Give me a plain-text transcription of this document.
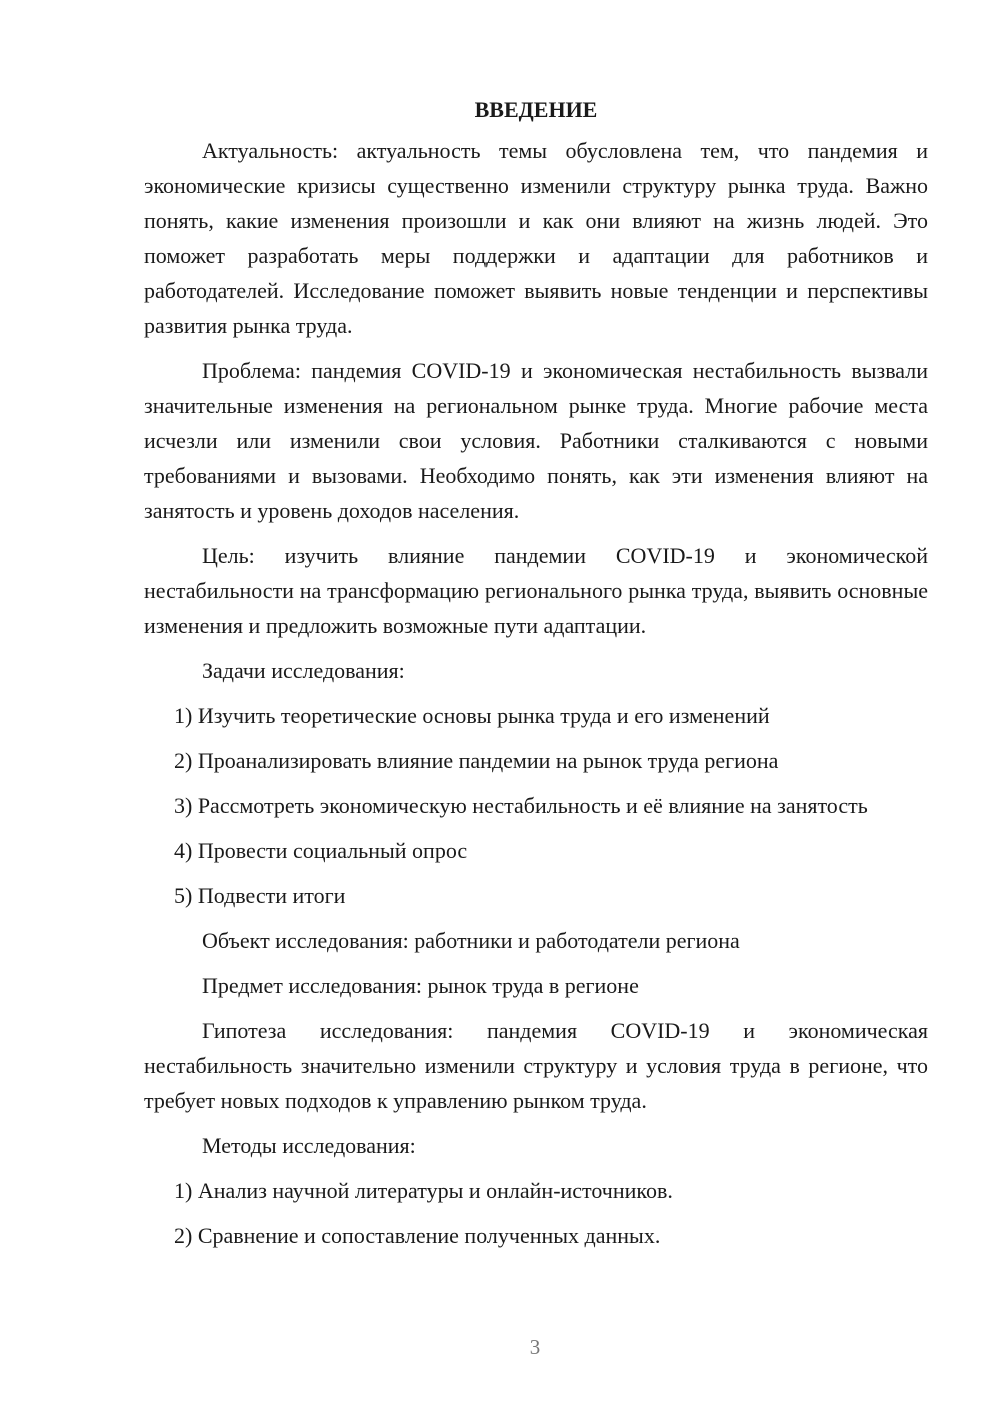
ВВЕДЕНИЕ

Актуальность: актуальность темы обусловлена тем, что пандемия и экономические кризисы существенно изменили структуру рынка труда. Важно понять, какие изменения произошли и как они влияют на жизнь людей. Это поможет разработать меры поддержки и адаптации для работников и работодателей. Исследование поможет выявить новые тенденции и перспективы развития рынка труда.

Проблема: пандемия COVID-19 и экономическая нестабильность вызвали значительные изменения на региональном рынке труда. Многие рабочие места исчезли или изменили свои условия. Работники сталкиваются с новыми требованиями и вызовами. Необходимо понять, как эти изменения влияют на занятость и уровень доходов населения.

Цель: изучить влияние пандемии COVID-19 и экономической нестабильности на трансформацию регионального рынка труда, выявить основные изменения и предложить возможные пути адаптации.

Задачи исследования:

1) Изучить теоретические основы рынка труда и его изменений

2) Проанализировать влияние пандемии на рынок труда региона

3) Рассмотреть экономическую нестабильность и её влияние на занятость

4) Провести социальный опрос

5) Подвести итоги

Объект исследования: работники и работодатели региона

Предмет исследования: рынок труда в регионе

Гипотеза исследования: пандемия COVID-19 и экономическая нестабильность значительно изменили структуру и условия труда в регионе, что требует новых подходов к управлению рынком труда.

Методы исследования:

1) Анализ научной литературы и онлайн-источников.

2) Сравнение и сопоставление полученных данных.

3
